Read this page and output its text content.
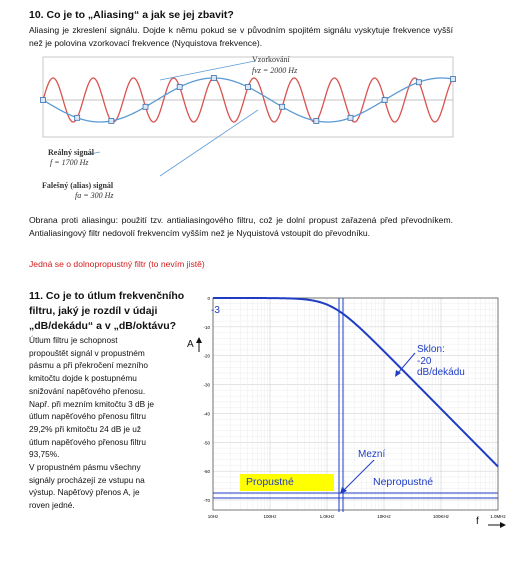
10. Co je to „Aliasing“ a jak se jej zbavit?
Aliasing je zkreslení signálu. Dojde k němu pokud se v původním spojitém signálu vyskytuje frekvence vyšší než je polovina vzorkovací frekvence (Nyquistova frekvence).
Vzorkování
fvz = 2000 Hz
Reálný signál
f = 1700 Hz
Falešný (alias) signál
fa = 300 Hz
Obrana proti aliasingu: použití tzv. antialiasingového filtru, což je dolní propust zařazená před převodníkem. Antialiasingový filtr nedovolí frekvencím vyšším než je Nyquistová vstoupit do převodníku.
Jedná se o dolnopropustný filtr (to nevím jistě)
11. Co je to útlum frekvenčního
filtru, jaký je rozdíl v údaji
„dB/dekádu“ a v „dB/oktávu?
Útlum filtru je schopnost
propouštět signál v propustném
pásmu a při překročení mezního
kmitočtu dojde k postupnému
snižování napěťového přenosu.
Např. při mezním kmitočtu 3 dB je
útlum napěťového přenosu filtru
29,2% při kmitočtu 24 dB je už
útlum napěťového přenosu filtru
93,75%.
V propustném pásmu všechny
signály procházejí ze vstupu na
výstup. Napěťový přenos A, je
roven jedné.
0
-10
-20
-30
-40
-50
-60
-70
10Hz	100Hz	1.0KHz	10KHz	100KHz	1.0MHz
-3
A
f
Sklon:
-20
dB/dekádu
Mezní
Propustné	Nepropustné
